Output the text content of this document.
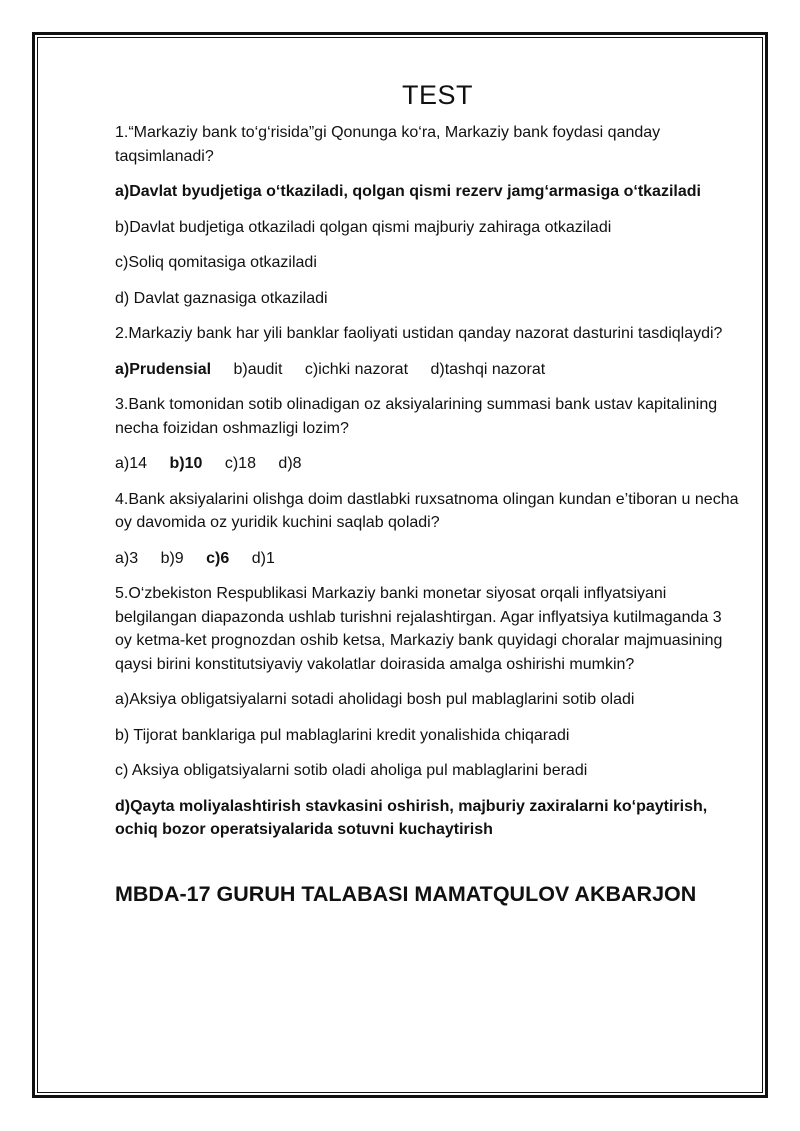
TEST

1.“Markaziy bank to‘g‘risida”gi Qonunga ko‘ra, Markaziy bank foydasi qanday taqsimlanadi?

a)Davlat byudjetiga o‘tkaziladi, qolgan qismi rezerv jamg‘armasiga o‘tkaziladi

b)Davlat budjetiga otkaziladi qolgan qismi majburiy zahiraga otkaziladi

c)Soliq qomitasiga otkaziladi

d) Davlat gaznasiga otkaziladi

2.Markaziy bank har yili banklar faoliyati ustidan qanday nazorat dasturini tasdiqlaydi?

a)Prudensial b)audit c)ichki nazorat d)tashqi nazorat

3.Bank tomonidan sotib olinadigan oz aksiyalarining summasi bank ustav kapitalining necha foizidan oshmazligi lozim?

a)14 b)10 c)18 d)8

4.Bank aksiyalarini olishga doim dastlabki ruxsatnoma olingan kundan e’tiboran u necha oy davomida oz yuridik kuchini saqlab qoladi?

a)3 b)9 c)6 d)1

5.O‘zbekiston Respublikasi Markaziy banki monetar siyosat orqali inflyatsiyani belgilangan diapazonda ushlab turishni rejalashtirgan. Agar inflyatsiya kutilmaganda 3 oy ketma-ket prognozdan oshib ketsa, Markaziy bank quyidagi choralar majmuasining qaysi birini konstitutsiyaviy vakolatlar doirasida amalga oshirishi mumkin?

a)Aksiya obligatsiyalarni sotadi aholidagi bosh pul mablaglarini sotib oladi

b) Tijorat banklariga pul mablaglarini kredit yonalishida chiqaradi

c) Aksiya obligatsiyalarni sotib oladi aholiga pul mablaglarini beradi

d)Qayta moliyalashtirish stavkasini oshirish, majburiy zaxiralarni ko‘paytirish, ochiq bozor operatsiyalarida sotuvni kuchaytirish

MBDA-17 GURUH TALABASI MAMATQULOV AKBARJON
